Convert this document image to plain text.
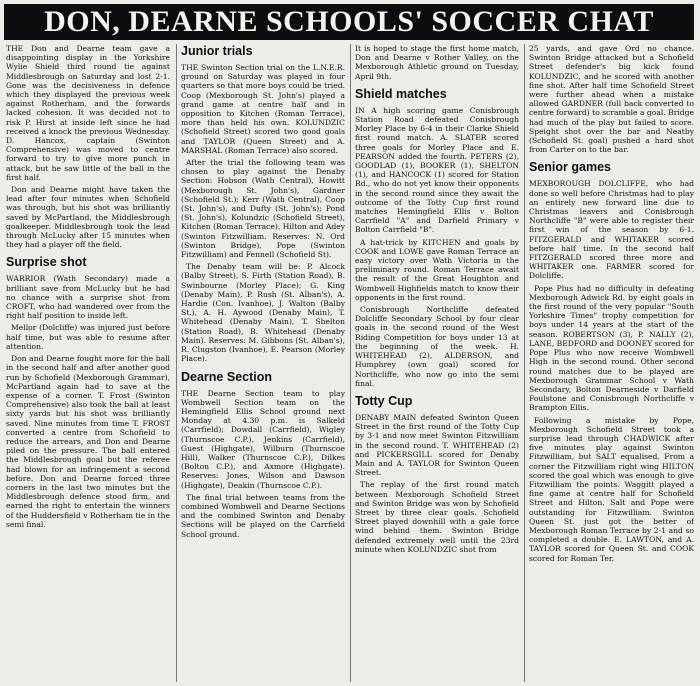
DON, DEARNE SCHOOLS' SOCCER CHAT

THE Don and Dearne team gave a disappointing display in the Yorkshire Wylie Shield third round tie against Middlesbrough on Saturday and lost 2-1. Gone was the decisiveness in defence which they displayed the previous week against Rotherham, and the forwards lacked cohesion. It was decided not to risk P. Hirst at inside left since he had received a knock the previous Wednesday. D. Hancox, captain (Swinton Comprehensive) was moved to centre forward to try to give more punch in attack, but he saw little of the ball in the first half.

Don and Dearne might have taken the lead after four minutes when Schofield was through, but his shot was brilliantly saved by McPartland, the Middlesbrough goalkeeper. Middlesbrough took the lead through McLucky after 15 minutes when they had a player off the field.

Surprise shot

WARRIOR (Wath Secondary) made a brilliant save from McLucky but he had no chance with a surprise shot from CROFT, who had wandered over from the right half position to inside left.

Mellor (Dolcliffe) was injured just before half time, but was able to resume after attention.

Don and Dearne fought more for the ball in the second half and after another good run by Schofield (Mexborough Grammar), McPartland again had to save at the expense of a corner. T. Frost (Swinton Comprehensive) also took the ball at least sixty yards but his shot was brilliantly saved. Nine minutes from time T. FROST converted a centre from Schofield to reduce the arrears, and Don and Dearne piled on the pressure. The ball entered the Middlesbrough goal but the referee had blown for an infringement a second before. Don and Dearne forced three corners in the last two minutes but the Middlesbrough defence stood firm, and earned the right to entertain the winners of the Huddersfield v Rotherham tie in the semi final.

Junior trials

THE Swinton Section trial on the L.N.E.R. ground on Saturday was played in four quarters so that more boys could be tried. Coop (Mexborough St. John's) played a grand game at centre half and in opposition to Kitchen (Roman Terrace), more than held his own. KOLUNDZIC (Schofield Street) scored two good goals and TAYLOR (Queen Street) and A. MARSHAL (Roman Terrace) also scored.

After the trial the following team was chosen to play against the Denaby Section: Hobson (Wath Central), Howitt (Mexborough St. John's), Gardner (Schofield St.); Kerr (Wath Central), Coop (St. John's), and Dufty (St. John's); Pond (St. John's), Kolundzic (Schofield Street), Kitchen (Roman Terrace), Hilton and Adey (Swinton Fitzwilliam. Reserves: N. Ord (Swinton Bridge), Pope (Swinton Fitzwilliam) and Fennell (Schofield St).

The Denaby team will be: P. Alcock (Balby Street), S. Firth (Station Road), B. Swinbourne (Morley Place); G. King (Denaby Main), P. Rush (St. Alban's), A. Hardie (Con. Ivanhoe), J. Walton (Balby St.), A. H. Aywood (Denaby Main), T. Whitehead (Denaby Main), T. Shelton (Station Road), B. Whitehead (Denaby Main). Reserves: M. Gibbons (St. Alban's), R. Clugston (Ivanhoe), E. Pearson (Morley Place).

Dearne Section

THE Dearne Section team to play Wombwell Section team on the Hemingfield Ellis School ground next Monday at 4.30 p.m. is Salkeld (Carrfield); Dowdall (Carrfield), Wigley (Thurnscoe C.P.), Jenkins (Carrfield), Guest (Highgate), Wilburn (Thurnscoe Hill), Walker (Thurnscoe C.P.), Dilkes (Bolton C.P.), and Axmore (Highgate). Reserves: Jones, Wilson and Dawson (Highgate), Deakin (Thurnscoe C.P.).

The final trial between teams from the combined Wombwell and Dearne Sections and the combined Swinton and Denaby Sections will be played on the Carrfield School ground.

It is hoped to stage the first home match, Don and Dearne v Rother Valley, on the Mexborough Athletic ground on Tuesday, April 9th.

Shield matches

IN A high scoring game Conisbrough Station Road defeated Conisbrough Morley Place by 6-4 in their Clarke Shield first round match. A. SLATER scored three goals for Morley Place and E. PEARSON added the fourth. PETERS (2), GOODLAD (1), BOOKER (1), SHELTON (1), and HANCOCK (1) scored for Station Rd., who do not yet know their opponents in the second round since they await the outcome of the Totty Cup first round matches Hemingfield Ellis v Bolton Carrfield "A" and Darfield Primary v Bolton Carrfield "B".

A hat-trick by KITCHEN and goals by COOK and LOWE gave Roman Terrace an easy victory over Wath Victoria in the preliminary round. Roman Terrace await the result of the Great Houghton and Wombwell Highfields match to know their opponents in the first round.

Conisbrough Northcliffe defeated Dolcliffe Secondary School by four clear goals in the second round of the West Riding Competition for boys under 13 at the beginning of the week. H. WHITEHEAD (2), ALDERSON, and Humphrey (own goal) scored for Northcliffe, who now go into the semi final.

Totty Cup

DENABY MAIN defeated Swinton Queen Street in the first round of the Totty Cup by 3-1 and now meet Swinton Fitzwilliam in the second round. T. WHITEHEAD (2) and PICKERSGILL scored for Denaby Main and A. TAYLOR for Swinton Queen Street.

The replay of the first round match between Mexborough Schofield Street and Swinton Bridge was won by Schofield Street by three clear goals. Schofield Street played downhill with a gale force wind behind them. Swinton Bridge defended extremely well until the 23rd minute when KOLUNDZIC shot from

25 yards, and gave Ord no chance. Swinton Bridge attacked but a Schofield Street defender's big kick found KOLUNDZIC, and he scored with another fine shot. After half time Schofield Street were further ahead when a mistake allowed GARDNER (full back converted to centre forward) to scramble a goal. Bridge had much of the play but failed to score. Speight shot over the bar and Neatby (Schofield St. goal) pushed a hard shot from Carter on to the bar.

Senior games

MEXBOROUGH DOLCLIFFE, who had done so well before Christmas had to play an entirely new forward line due to Christmas leavers and Conisbrough Northcliffe "B" were able to register their first win of the season by 6-1. FITZGERALD and WHITAKER scored before half time. In the second half FITZGERALD scored three more and WHITAKER one. FARMER scored for Dolcliffe.

Pope Plus had no difficulty in defeating Mexborough Adwick Rd. by eight goals in the first round of the very popular "South Yorkshire Times" trophy competition for boys under 14 years at the start of the season. ROBERTSON (3), P. NALLY (2), LANE, BEDFORD and DOONEY scored for Pope Plus who now receive Wombwell High in the second round. Other second round matches due to be played are Mexborough Grammar School v Wath Secondary, Bolton Dearneside v Darfield Foulstone and Conisbrough Northcliffe v Brampton Ellis.

Following a mistake by Pope, Mexborough Schofield Street took a surprise lead through CHADWICK after five minutes play against Swinton Fitzwilliam, but SALT equalised. From a corner the Fitzwilliam right wing HILTON scored the goal which was enough to give Fitzwilliam the points. Waggitt played a fine game at centre half for Schofield Street and Hilton, Salt and Pope were outstanding for Fitzwilliam. Swinton Queen St. just got the better of Mexborough Roman Terrace by 2-1 and so completed a double. E. LAWTON, and A. TAYLOR scored for Queen St. and COOK scored for Roman Ter.
